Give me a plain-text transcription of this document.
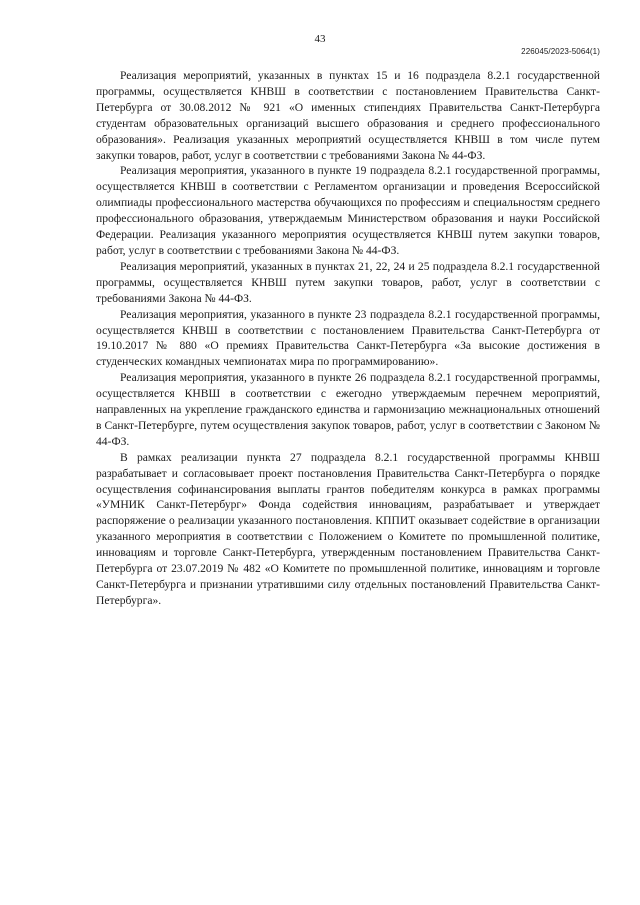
43
226045/2023-5064(1)

Реализация мероприятий, указанных в пунктах 15 и 16 подраздела 8.2.1 государственной программы, осуществляется КНВШ в соответствии с постановлением Правительства Санкт-Петербурга от 30.08.2012 № 921 «О именных стипендиях Правительства Санкт-Петербурга студентам образовательных организаций высшего образования и среднего профессионального образования». Реализация указанных мероприятий осуществляется КНВШ в том числе путем закупки товаров, работ, услуг в соответствии с требованиями Закона № 44-ФЗ.

Реализация мероприятия, указанного в пункте 19 подраздела 8.2.1 государственной программы, осуществляется КНВШ в соответствии с Регламентом организации и проведения Всероссийской олимпиады профессионального мастерства обучающихся по профессиям и специальностям среднего профессионального образования, утверждаемым Министерством образования и науки Российской Федерации. Реализация указанного мероприятия осуществляется КНВШ путем закупки товаров, работ, услуг в соответствии с требованиями Закона № 44-ФЗ.

Реализация мероприятий, указанных в пунктах 21, 22, 24 и 25 подраздела 8.2.1 государственной программы, осуществляется КНВШ путем закупки товаров, работ, услуг в соответствии с требованиями Закона № 44-ФЗ.

Реализация мероприятия, указанного в пункте 23 подраздела 8.2.1 государственной программы, осуществляется КНВШ в соответствии с постановлением Правительства Санкт-Петербурга от 19.10.2017 № 880 «О премиях Правительства Санкт-Петербурга «За высокие достижения в студенческих командных чемпионатах мира по программированию».

Реализация мероприятия, указанного в пункте 26 подраздела 8.2.1 государственной программы, осуществляется КНВШ в соответствии с ежегодно утверждаемым перечнем мероприятий, направленных на укрепление гражданского единства и гармонизацию межнациональных отношений в Санкт-Петербурге, путем осуществления закупок товаров, работ, услуг в соответствии с Законом № 44-ФЗ.

В рамках реализации пункта 27 подраздела 8.2.1 государственной программы КНВШ разрабатывает и согласовывает проект постановления Правительства Санкт-Петербурга о порядке осуществления софинансирования выплаты грантов победителям конкурса в рамках программы «УМНИК Санкт-Петербург» Фонда содействия инновациям, разрабатывает и утверждает распоряжение о реализации указанного постановления. КППИТ оказывает содействие в организации указанного мероприятия в соответствии с Положением о Комитете по промышленной политике, инновациям и торговле Санкт-Петербурга, утвержденным постановлением Правительства Санкт-Петербурга от 23.07.2019 № 482 «О Комитете по промышленной политике, инновациям и торговле Санкт-Петербурга и признании утратившими силу отдельных постановлений Правительства Санкт-Петербурга».
